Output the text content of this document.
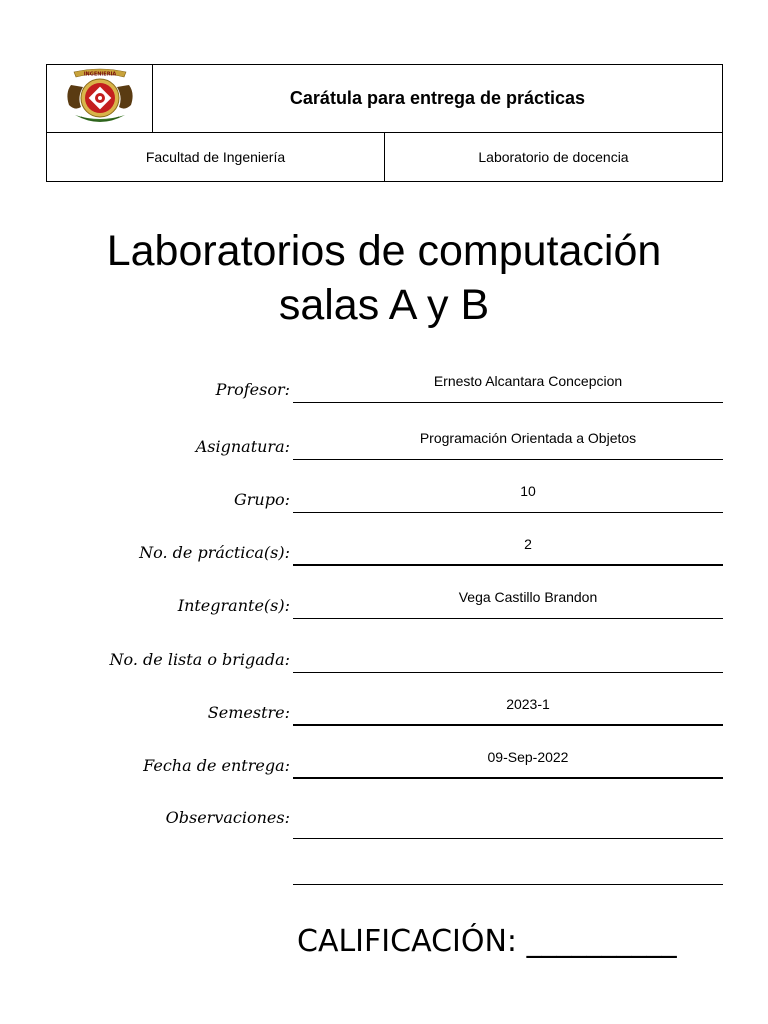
INGENIERIA
Carátula para entrega de prácticas
Facultad de Ingeniería	Laboratorio de docencia
Laboratorios de computación
salas A y B
Profesor:	Ernesto Alcantara Concepcion
Asignatura:	Programación Orientada a Objetos
Grupo:	10
No. de práctica(s):	2
Integrante(s):	Vega Castillo Brandon
No. de lista o brigada:
Semestre:	2023-1
Fecha de entrega:	09-Sep-2022
Observaciones:
CALIFICACIÓN: __________
